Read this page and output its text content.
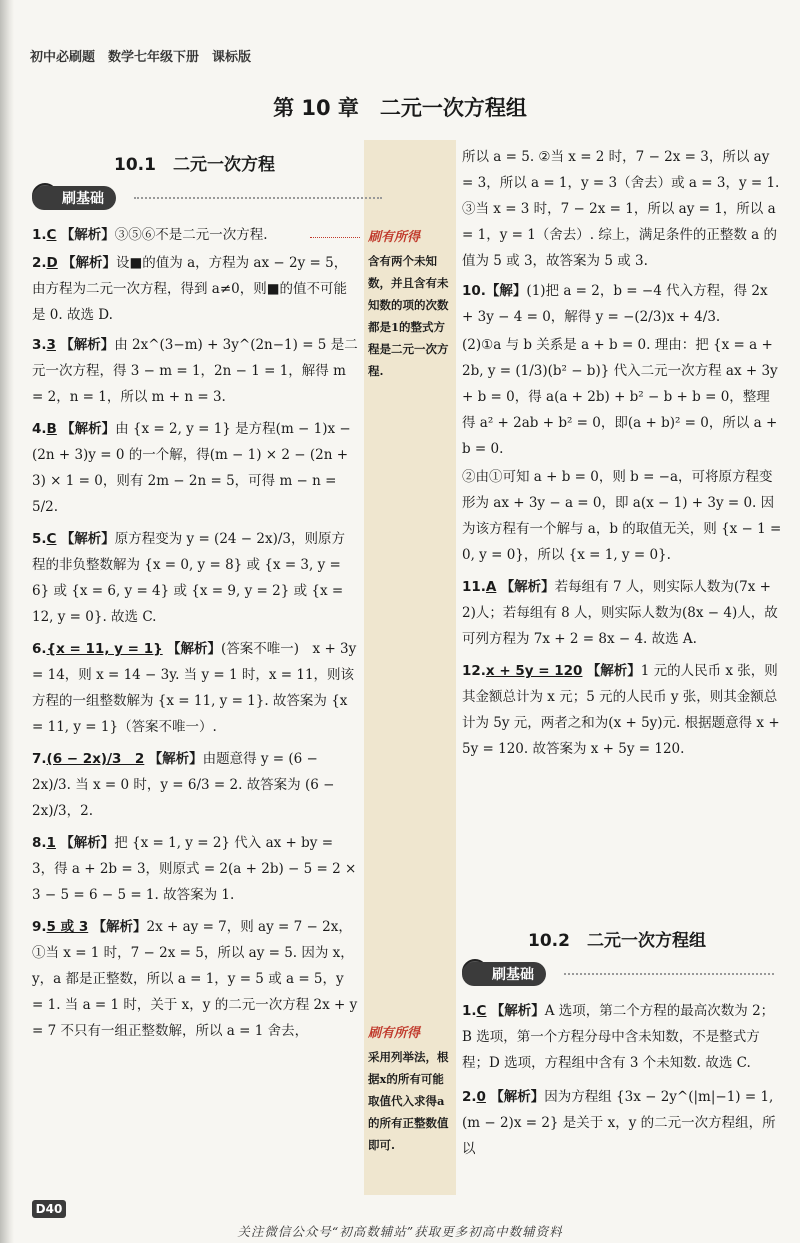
初中必刷题　数学七年级下册　课标版
第 10 章　二元一次方程组
刷有所得
含有两个未知数，并且含有未知数的项的次数都是1的整式方程是二元一次方程.
刷有所得
采用列举法，根据x的所有可能取值代入求得a的所有正整数值即可.
10.1　二元一次方程
刷基础

1.C 【解析】③⑤⑥不是二元一次方程.

2.D 【解析】设■的值为 a，方程为 ax − 2y = 5，由方程为二元一次方程，得到 a≠0，则■的值不可能是 0. 故选 D.

3.3 【解析】由 2x^(3−m) + 3y^(2n−1) = 5 是二元一次方程，得 3 − m = 1，2n − 1 = 1，解得 m = 2，n = 1，所以 m + n = 3.

4.B 【解析】由 {x = 2, y = 1} 是方程(m − 1)x − (2n + 3)y = 0 的一个解，得(m − 1) × 2 − (2n + 3) × 1 = 0，则有 2m − 2n = 5，可得 m − n = 5/2.

5.C 【解析】原方程变为 y = (24 − 2x)/3，则原方程的非负整数解为 {x = 0, y = 8} 或 {x = 3, y = 6} 或 {x = 6, y = 4} 或 {x = 9, y = 2} 或 {x = 12, y = 0}. 故选 C.

6.{x = 11, y = 1} 【解析】(答案不唯一)　x + 3y = 14，则 x = 14 − 3y. 当 y = 1 时，x = 11，则该方程的一组整数解为 {x = 11, y = 1}. 故答案为 {x = 11, y = 1}（答案不唯一）.

7.(6 − 2x)/3　2 【解析】由题意得 y = (6 − 2x)/3. 当 x = 0 时，y = 6/3 = 2. 故答案为 (6 − 2x)/3，2.

8.1 【解析】把 {x = 1, y = 2} 代入 ax + by = 3，得 a + 2b = 3，则原式 = 2(a + 2b) − 5 = 2 × 3 − 5 = 6 − 5 = 1. 故答案为 1.

9.5 或 3 【解析】2x + ay = 7，则 ay = 7 − 2x，①当 x = 1 时，7 − 2x = 5，所以 ay = 5. 因为 x，y，a 都是正整数，所以 a = 1，y = 5 或 a = 5，y = 1. 当 a = 1 时，关于 x，y 的二元一次方程 2x + y = 7 不只有一组正整数解，所以 a = 1 舍去，

所以 a = 5. ②当 x = 2 时，7 − 2x = 3，所以 ay = 3，所以 a = 1，y = 3（舍去）或 a = 3，y = 1. ③当 x = 3 时，7 − 2x = 1，所以 ay = 1，所以 a = 1，y = 1（舍去）. 综上，满足条件的正整数 a 的值为 5 或 3，故答案为 5 或 3.

10.【解】(1)把 a = 2，b = −4 代入方程，得 2x + 3y − 4 = 0，解得 y = −(2/3)x + 4/3.

(2)①a 与 b 关系是 a + b = 0. 理由：把 {x = a + 2b, y = (1/3)(b² − b)} 代入二元一次方程 ax + 3y + b = 0，得 a(a + 2b) + b² − b + b = 0，整理得 a² + 2ab + b² = 0，即(a + b)² = 0，所以 a + b = 0.

②由①可知 a + b = 0，则 b = −a，可将原方程变形为 ax + 3y − a = 0，即 a(x − 1) + 3y = 0. 因为该方程有一个解与 a，b 的取值无关，则 {x − 1 = 0, y = 0}，所以 {x = 1, y = 0}.

11.A 【解析】若每组有 7 人，则实际人数为(7x + 2)人；若每组有 8 人，则实际人数为(8x − 4)人，故可列方程为 7x + 2 = 8x − 4. 故选 A.

12.x + 5y = 120 【解析】1 元的人民币 x 张，则其金额总计为 x 元；5 元的人民币 y 张，则其金额总计为 5y 元，两者之和为(x + 5y)元. 根据题意得 x + 5y = 120. 故答案为 x + 5y = 120.

10.2　二元一次方程组
刷基础

1.C 【解析】A 选项，第二个方程的最高次数为 2；B 选项，第一个方程分母中含未知数，不是整式方程；D 选项，方程组中含有 3 个未知数. 故选 C.

2.0 【解析】因为方程组 {3x − 2y^(|m|−1) = 1, (m − 2)x = 2} 是关于 x，y 的二元一次方程组，所以

D40
关注微信公众号“初高数辅站”获取更多初高中数辅资料
